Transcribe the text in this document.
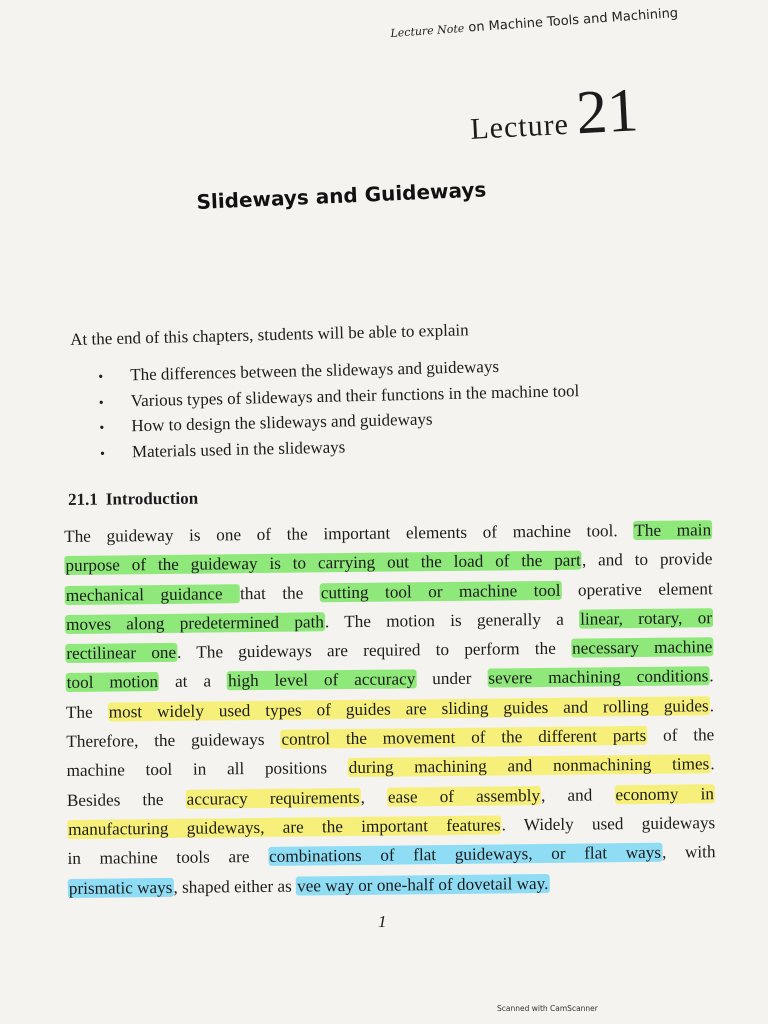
Lecture Note on Machine Tools and Machining
Lecture 21
Slideways and Guideways
At the end of this chapters, students will be able to explain
• The differences between the slideways and guideways
• Various types of slideways and their functions in the machine tool
• How to design the slideways and guideways
• Materials used in the slideways
21.1 Introduction
The guideway is one of the important elements of machine tool. The main
purpose of the guideway is to carrying out the load of the part, and to provide
mechanical guidance that the cutting tool or machine tool operative element
moves along predetermined path. The motion is generally a linear, rotary, or
rectilinear one. The guideways are required to perform the necessary machine
tool motion at a high level of accuracy under severe machining conditions.
The most widely used types of guides are sliding guides and rolling guides.
Therefore, the guideways control the movement of the different parts of the
machine tool in all positions during machining and nonmachining times.
Besides the accuracy requirements, ease of assembly, and economy in
manufacturing guideways, are the important features. Widely used guideways
in machine tools are combinations of flat guideways, or flat ways, with
prismatic ways, shaped either as vee way or one-half of dovetail way.
1
Scanned with CamScanner
